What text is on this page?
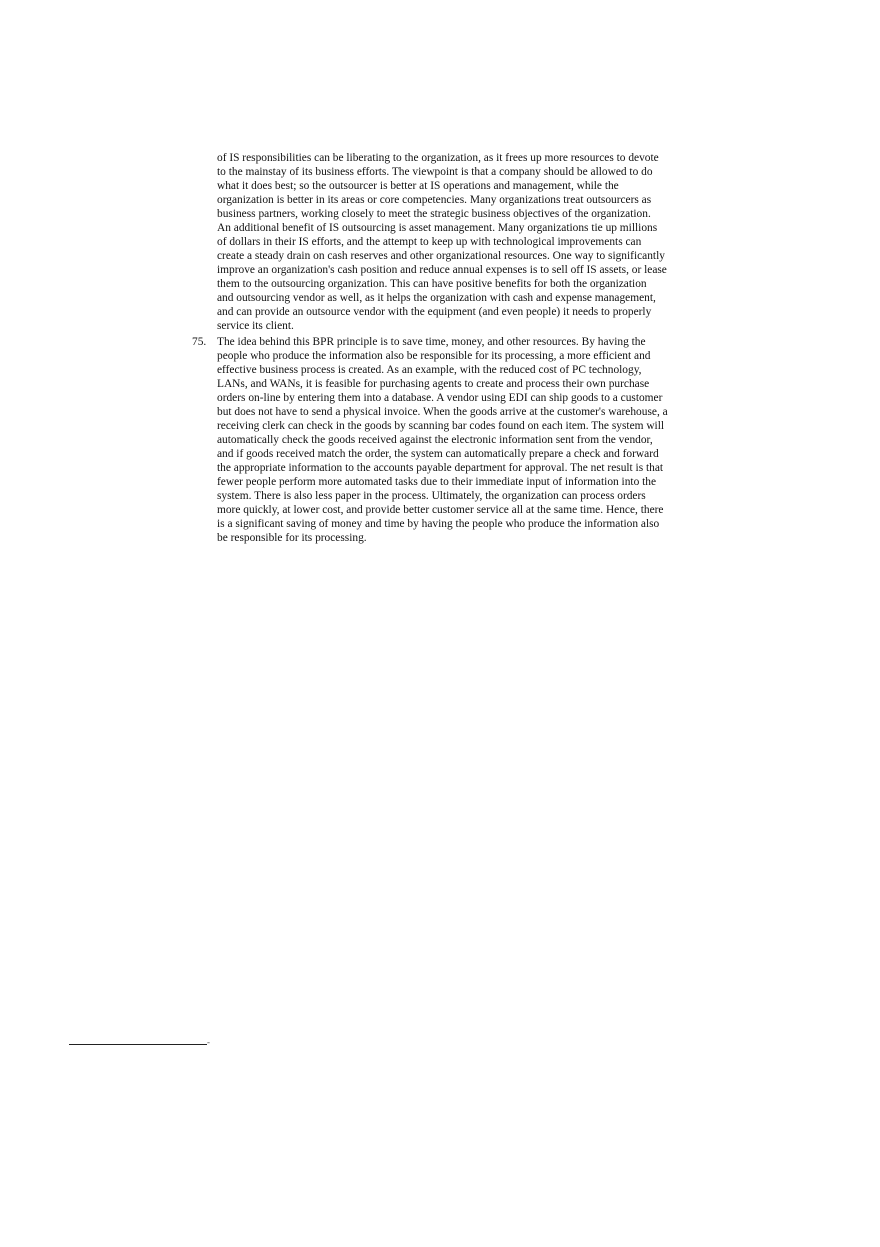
of IS responsibilities can be liberating to the organization, as it frees up more resources to devote
to the mainstay of its business efforts. The viewpoint is that a company should be allowed to do
what it does best; so the outsourcer is better at IS operations and management, while the
organization is better in its areas or core competencies. Many organizations treat outsourcers as
business partners, working closely to meet the strategic business objectives of the organization.
An additional benefit of IS outsourcing is asset management. Many organizations tie up millions
of dollars in their IS efforts, and the attempt to keep up with technological improvements can
create a steady drain on cash reserves and other organizational resources. One way to significantly
improve an organization's cash position and reduce annual expenses is to sell off IS assets, or lease
them to the outsourcing organization. This can have positive benefits for both the organization
and outsourcing vendor as well, as it helps the organization with cash and expense management,
and can provide an outsource vendor with the equipment (and even people) it needs to properly
service its client.
75. The idea behind this BPR principle is to save time, money, and other resources. By having the
people who produce the information also be responsible for its processing, a more efficient and
effective business process is created. As an example, with the reduced cost of PC technology,
LANs, and WANs, it is feasible for purchasing agents to create and process their own purchase
orders on-line by entering them into a database. A vendor using EDI can ship goods to a customer
but does not have to send a physical invoice. When the goods arrive at the customer's warehouse, a
receiving clerk can check in the goods by scanning bar codes found on each item. The system will
automatically check the goods received against the electronic information sent from the vendor,
and if goods received match the order, the system can automatically prepare a check and forward
the appropriate information to the accounts payable department for approval. The net result is that
fewer people perform more automated tasks due to their immediate input of information into the
system. There is also less paper in the process. Ultimately, the organization can process orders
more quickly, at lower cost, and provide better customer service all at the same time. Hence, there
is a significant saving of money and time by having the people who produce the information also
be responsible for its processing.
-
